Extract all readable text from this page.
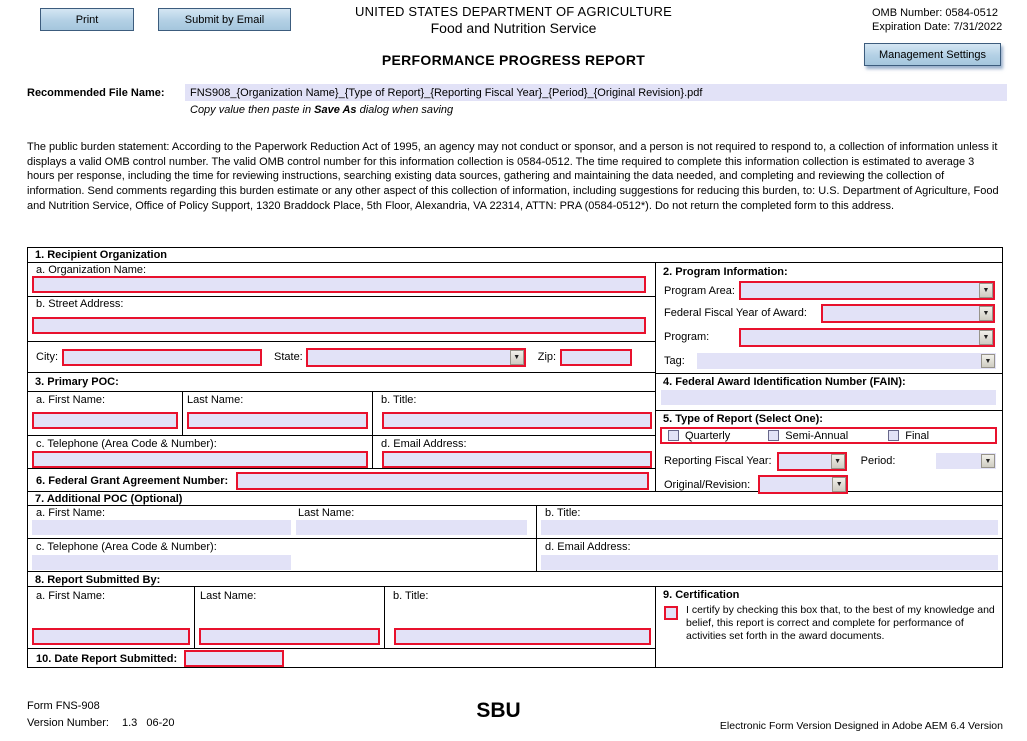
Print	Submit by Email
UNITED STATES DEPARTMENT OF AGRICULTURE
Food and Nutrition Service
OMB Number: 0584-0512
Expiration Date: 7/31/2022
PERFORMANCE PROGRESS REPORT	Management Settings
Recommended File Name:	FNS908_{Organization Name}_{Type of Report}_{Reporting Fiscal Year}_{Period}_{Original Revision}.pdf
Copy value then paste in Save As dialog when saving
The public burden statement: According to the Paperwork Reduction Act of 1995, an agency may not conduct or sponsor, and a person is not required to respond to, a collection of information unless it displays a valid OMB control number. The valid OMB control number for this information collection is 0584-0512. The time required to complete this information collection is estimated to average 3 hours per response, including the time for reviewing instructions, searching existing data sources, gathering and maintaining the data needed, and completing and reviewing the collection of information. Send comments regarding this burden estimate or any other aspect of this collection of information, including suggestions for reducing this burden, to: U.S. Department of Agriculture, Food and Nutrition Service, Office of Policy Support, 1320 Braddock Place, 5th Floor, Alexandria, VA 22314, ATTN: PRA (0584-0512*). Do not return the completed form to this address.
1. Recipient Organization
a. Organization Name:
b. Street Address:
City:	State:	▼	Zip:
3. Primary POC:
a. First Name:	Last Name:	b. Title:
c. Telephone (Area Code & Number):	d. Email Address:
6. Federal Grant Agreement Number:
2. Program Information:
Program Area:	▼
Federal Fiscal Year of Award:	▼
Program:	▼
Tag:	▼
4. Federal Award Identification Number (FAIN):
5. Type of Report (Select One):
Quarterly	Semi-Annual	Final
Reporting Fiscal Year:	▼	Period:	▼
Original/Revision:	▼
7. Additional POC (Optional)
a. First Name:	Last Name:	b. Title:
c. Telephone (Area Code & Number):	d. Email Address:
8. Report Submitted By:
a. First Name:	Last Name:	b. Title:
10. Date Report Submitted:
9. Certification
I certify by checking this box that, to the best of my knowledge and belief, this report is correct and complete for performance of activities set forth in the award documents.
Form FNS-908
Version Number: 1.3 06-20
SBU
Electronic Form Version Designed in Adobe AEM 6.4 Version
